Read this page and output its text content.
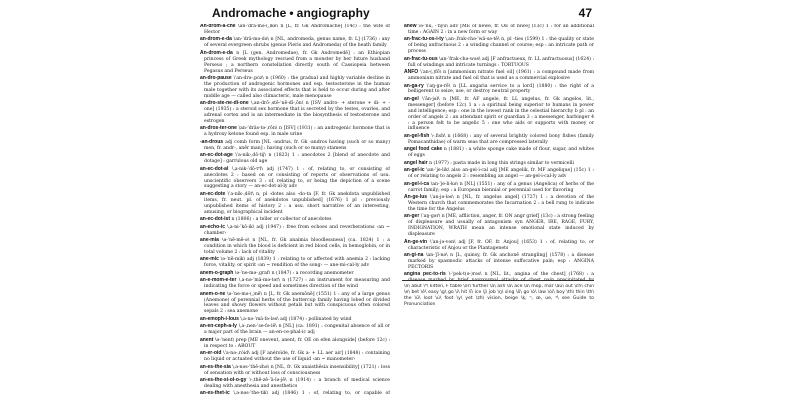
Andromache • angiography	47

An-drom-a-che \an-ˈdrä-mə-(ˌ)kē\ n [L, fr. Gk Andromachē] (14c) : the wife of Hector

an-drom-e-da \an-ˈdrä-mə-də\ n [NL, andromeda, genus name, fr. L] (1736) : any of several evergreen shrubs (genus Pieris and Andromeda) of the heath family

An-drom-e-da n [L (gen. Andromedae), fr. Gk Andromedē] : an Ethiopian princess of Greek mythology rescued from a monster by her future husband Perseus ; a northern constellation directly south of Cassiopeia between Pegasus and Perseus

an-dro-pause \ˈan-drə-ˌpȯz\ n (1960) : the gradual and highly variable decline in the production of androgenic hormones and esp. testosterone in the human male together with its associated effects that is held to occur during and after middle age — called also climacteric, male menopause

an-dro-ste-ne-di-one \ˌan-drō-ˌstē-ˈnē-dī-ˌōn\ n [ISV andro- + sterone + di- + -one] (1935) : a steroid sex hormone that is secreted by the testes, ovaries, and adrenal cortex and is an intermediate in the biosynthesis of testosterone and estrogen

an-dros-ter-one \an-ˈdräs-tə-ˌrōn\ n [ISV] (1931) : an androgenic hormone that is a hydroxy ketone found esp. in male urine

-an-drous adj comb form [NL -andrus, fr. Gk -andros having (such or so many) men, fr. andr-, anēr man] : having (such or so many) stamens

an-ec-dot-age \ˈa-nik-ˌdō-tij\ n (1823) 1 : anecdotes 2 [blend of anecdote and dotage] : garrulous old age

an-ec-dot-al \ˌa-nik-ˈdō-tᵊl\ adj (1747) 1 : of, relating to, or consisting of anecdotes 2 : based on or consisting of reports or observations of usu. unscientific observers 3 : of, relating to, or being the depiction of a scene suggesting a story — an-ec-dot-al-ly adv

an-ec-dote \ˈa-nik-ˌdōt\ n, pl -dotes also -do-ta [F, fr. Gk anekdota unpublished items, fr. neut. pl. of anekdotos unpublished] (1676) 1 pl : previously unpublished items of history 2 : a usu. short narrative of an interesting, amusing, or biographical incident

an-ec-dot-ist n (1806) : a teller or collector of anecdotes

an-echo-ic \ˌa-ni-ˈkō-ik\ adj (1947) : free from echoes and reverberations ‹an ~ chamber›

ane-mia \ə-ˈnē-mē-ə\ n [NL, fr. Gk anaimia bloodlessness] (ca. 1824) 1 : a condition in which the blood is deficient in red blood cells, in hemoglobin, or in total volume 2 : lack of vitality

ane-mic \ə-ˈnē-mik\ adj (1839) 1 : relating to or affected with anemia 2 : lacking force, vitality, or spirit ‹an ~ rendition of the song› — ane-mi-cal-ly adv

anem-o-graph \ə-ˈne-mə-ˌgraf\ n (1847) : a recording anemometer

an-e-mom-e-ter \ˌa-nə-ˈmä-mə-tər\ n (1727) : an instrument for measuring and indicating the force or speed and sometimes direction of the wind

anem-o-ne \ə-ˈne-mə-(ˌ)nē\ n [L, fr. Gk anemōnē] (1551) 1 : any of a large genus (Anemone) of perennial herbs of the buttercup family having lobed or divided leaves and showy flowers without petals but with conspicuous often colored sepals 2 : sea anemone

an-emoph-i-lous \ˌa-nə-ˈmä-fə-ləs\ adj (1874) : pollinated by wind

an-en-ceph-a-ly \ˌa-ˌnen-ˈse-fə-lē\ n [NL] (ca. 1891) : congenital absence of all or a major part of the brain — an-en-ce-phal-ic adj

anent \ə-ˈnent\ prep [ME onevent, anent, fr. OE on efen alongside] (before 12c) : in respect to : ABOUT

an-er-oid \ˈa-nə-ˌrȯid\ adj [F anéroïde, fr. Gk a- + LL aer air] (1848) : containing no liquid or actuated without the use of liquid ‹an ~ manometer›

an-es-the-sia \ˌa-nəs-ˈthē-zhə\ n [NL, fr. Gk anaisthēsia insensibility] (1721) : loss of sensation with or without loss of consciousness

an-es-the-si-ol-o-gy \-ˌthē-zē-ˈä-lə-jē\ n (1914) : a branch of medical science dealing with anesthesia and anesthetics

an-es-thet-ic \ˌa-nəs-ˈthe-tik\ adj (1846) 1 : of, relating to, or capable of

anew \ə-ˈnü, -ˈnyü\ adv [ME of newe, fr. OE of nīwe] (13c) 1 : for an additional time : AGAIN 2 : in a new form or way

an-frac-tu-os-i-ty \ˌan-ˌfrak-chə-ˈwä-sə-tē\ n, pl -ties (1599) 1 : the quality or state of being anfractuous 2 : a winding channel or course; esp : an intricate path or process

an-frac-tu-ous \an-ˈfrak-chə-wəs\ adj [F anfractueux, fr. LL anfractuosus] (1624) : full of windings and intricate turnings : TORTUOUS

ANFO \ˈan-(ˌ)fō\ n [ammonium nitrate fuel oil] (1961) : a compound made from ammonium nitrate and fuel oil that is used as a commercial explosive

an-ga-ry \ˈaŋ-gə-rē\ n [LL angaria service to a lord] (1880) : the right of a belligerent to seize, use, or destroy neutral property

an-gel \ˈān-jəl\ n [ME, fr. AF angele, fr. LL angelus, fr. Gk angelos, lit., messenger] (before 12c) 1 a : a spiritual being superior to humans in power and intelligence; esp : one in the lowest rank in the celestial hierarchy b pl : an order of angels 2 : an attendant spirit or guardian 3 : a messenger, harbinger 4 : a person felt to be angelic 5 : one who aids or supports with money or influence

an-gel-fish \-ˌfish\ n (1668) : any of several brightly colored bony fishes (family Pomacanthidae) of warm seas that are compressed laterally

angel food cake n (1881) : a white sponge cake made of flour, sugar, and whites of eggs

angel hair n (1977) : pasta made in long thin strings similar to vermicelli

an-gel-ic \an-ˈje-lik\ also an-gel-i-cal adj [ME angelik, fr. MF angelique] (15c) 1 : of or relating to angels 2 : resembling an angel — an-gel-i-cal-ly adv

an-gel-i-ca \an-ˈje-li-kə\ n [NL] (1551) : any of a genus (Angelica) of herbs of the carrot family; esp : a European biennial or perennial used for flavoring

An-ge-lus \ˈan-jə-ləs\ n [NL, fr. angelus angel] (1727) 1 : a devotion of the Western church that commemorates the Incarnation 2 : a bell rung to indicate the time for the Angelus

an-ger \ˈaŋ-gər\ n [ME, affliction, anger, fr. ON angr grief] (13c) : a strong feeling of displeasure and usually of antagonism syn ANGER, IRE, RAGE, FURY, INDIGNATION, WRATH mean an intense emotional state induced by displeasure

An-ge-vin \ˈan-jə-vən\ adj [F, fr. OF, fr. Anjou] (1653) 1 : of, relating to, or characteristic of Anjou or the Plantagenets

an-gi-na \an-ˈjī-nə\ n [L, quinsy, fr. Gk anchonē strangling] (1578) : a disease marked by spasmodic attacks of intense suffocative pain; esp : ANGINA PECTORIS

angina pec-to-ris \-ˈpek-t(ə-)rəs\ n [NL, lit., angina of the chest] (1768) : a

\ə\ abut \ᵊ\ kitten, F table \ər\ further \a\ ash \ā\ ace \ä\ mop, mar \au̇\ out \ch\ chin \e\ bet \ē\ easy \g\ go \i\ hit \ī\ ice \j\ job \ŋ\ sing \ō\ go \ȯ\ law \ȯi\ boy \th\ thin \th\ the \ü\ loot \u̇\ foot \y\ yet \zh\ vision, beige \ḵ, ⁿ, œ, ue, ʸ\ see Guide to Pronunciation
